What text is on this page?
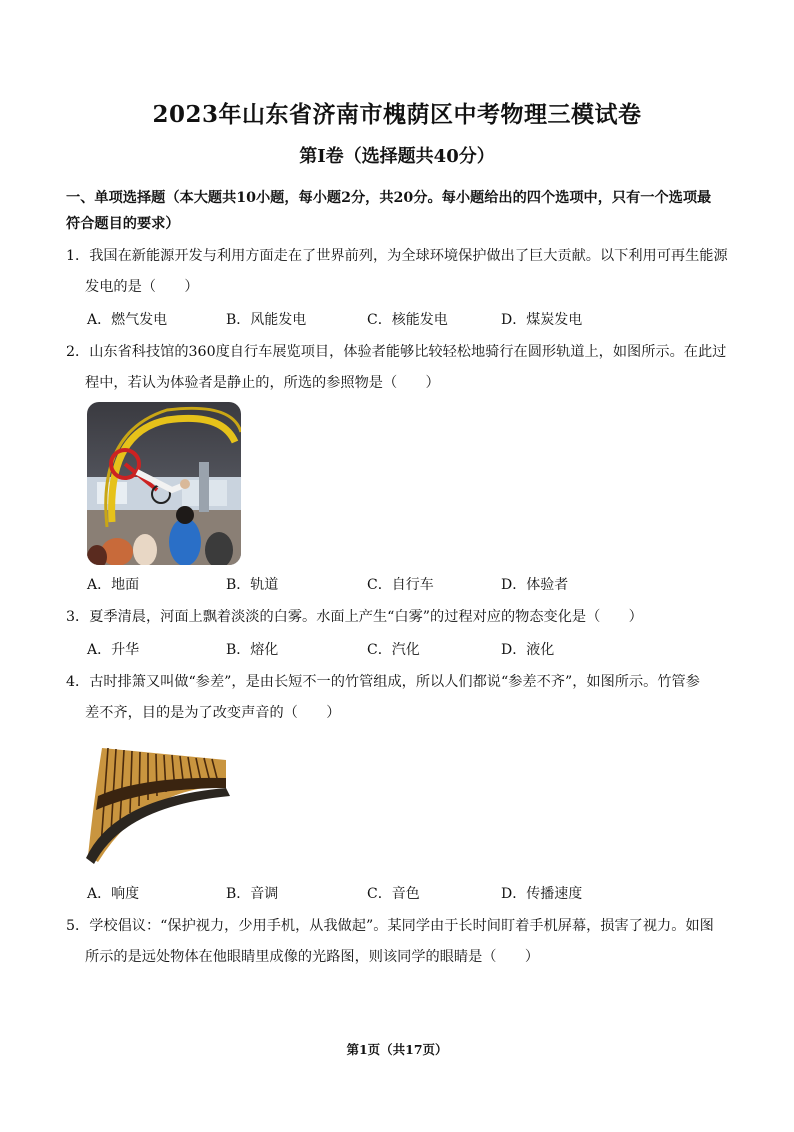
2023年山东省济南市槐荫区中考物理三模试卷
第Ⅰ卷（选择题共40分）
一、单项选择题（本大题共10小题，每小题2分，共20分。每小题给出的四个选项中，只有一个选项最
符合题目的要求）
1．我国在新能源开发与利用方面走在了世界前列，为全球环境保护做出了巨大贡献。以下利用可再生能源
发电的是（　　）
A．燃气发电	B．风能发电	C．核能发电	D．煤炭发电
2．山东省科技馆的360度自行车展览项目，体验者能够比较轻松地骑行在圆形轨道上，如图所示。在此过
程中，若认为体验者是静止的，所选的参照物是（　　）
A．地面	B．轨道	C．自行车	D．体验者
3．夏季清晨，河面上飘着淡淡的白雾。水面上产生“白雾”的过程对应的物态变化是（　　）
A．升华	B．熔化	C．汽化	D．液化
4．古时排箫又叫做“参差”，是由长短不一的竹管组成，所以人们都说“参差不齐”，如图所示。竹管参
差不齐，目的是为了改变声音的（　　）
A．响度	B．音调	C．音色	D．传播速度
5．学校倡议：“保护视力，少用手机，从我做起”。某同学由于长时间盯着手机屏幕，损害了视力。如图
所示的是远处物体在他眼睛里成像的光路图，则该同学的眼睛是（　　）
第1页（共17页）
